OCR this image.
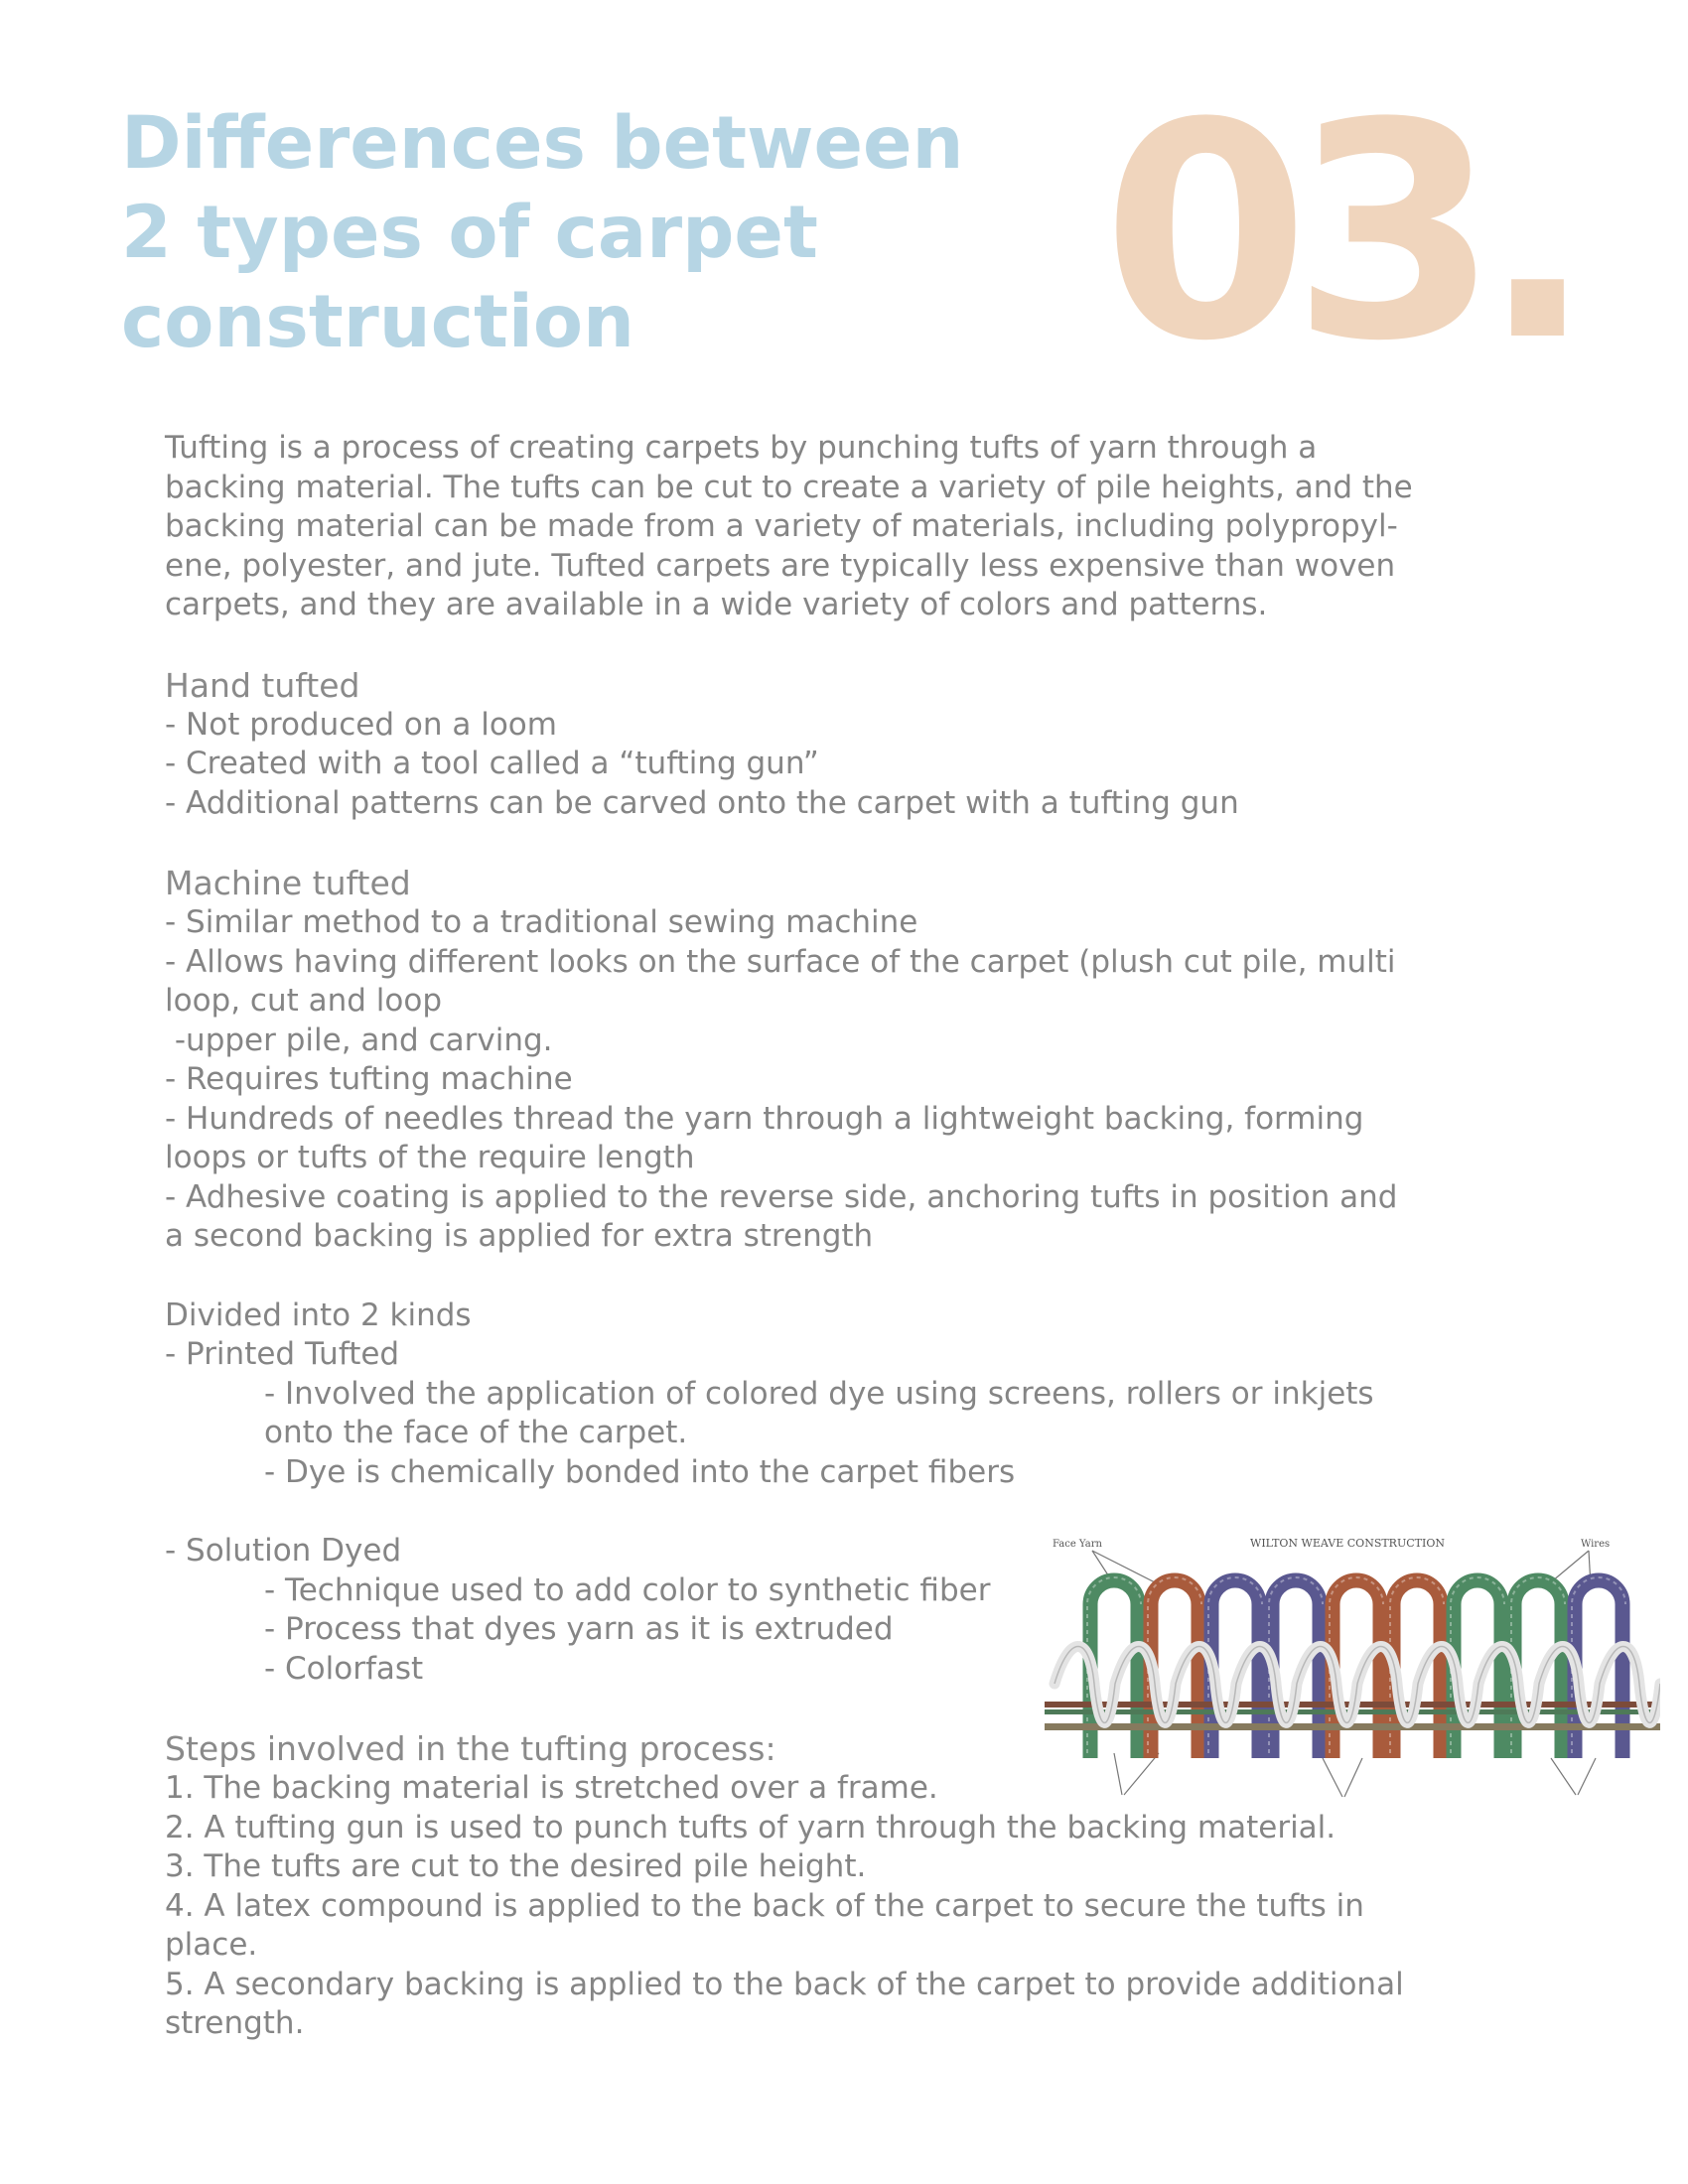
Differences between
2 types of carpet
construction	03.

Tufting is a process of creating carpets by punching tufts of yarn through a

backing material. The tufts can be cut to create a variety of pile heights, and the

backing material can be made from a variety of materials, including polypropyl-

ene, polyester, and jute. Tufted carpets are typically less expensive than woven

carpets, and they are available in a wide variety of colors and patterns.

Hand tufted

- Not produced on a loom

- Created with a tool called a “tufting gun”

- Additional patterns can be carved onto the carpet with a tufting gun

Machine tufted

- Similar method to a traditional sewing machine

- Allows having different looks on the surface of the carpet (plush cut pile, multi

loop, cut and loop

-upper pile, and carving.

- Requires tufting machine

- Hundreds of needles thread the yarn through a lightweight backing, forming

loops or tufts of the require length

- Adhesive coating is applied to the reverse side, anchoring tufts in position and

a second backing is applied for extra strength

Divided into 2 kinds

- Printed Tufted

- Involved the application of colored dye using screens, rollers or inkjets

onto the face of the carpet.

- Dye is chemically bonded into the carpet fibers

- Solution Dyed

- Technique used to add color to synthetic fiber

- Process that dyes yarn as it is extruded

- Colorfast

Steps involved in the tufting process:

1. The backing material is stretched over a frame.

2. A tufting gun is used to punch tufts of yarn through the backing material.

3. The tufts are cut to the desired pile height.

4. A latex compound is applied to the back of the carpet to secure the tufts in

place.

5. A secondary backing is applied to the back of the carpet to provide additional

strength.

Face Yarn	WILTON WEAVE CONSTRUCTION	Wires
